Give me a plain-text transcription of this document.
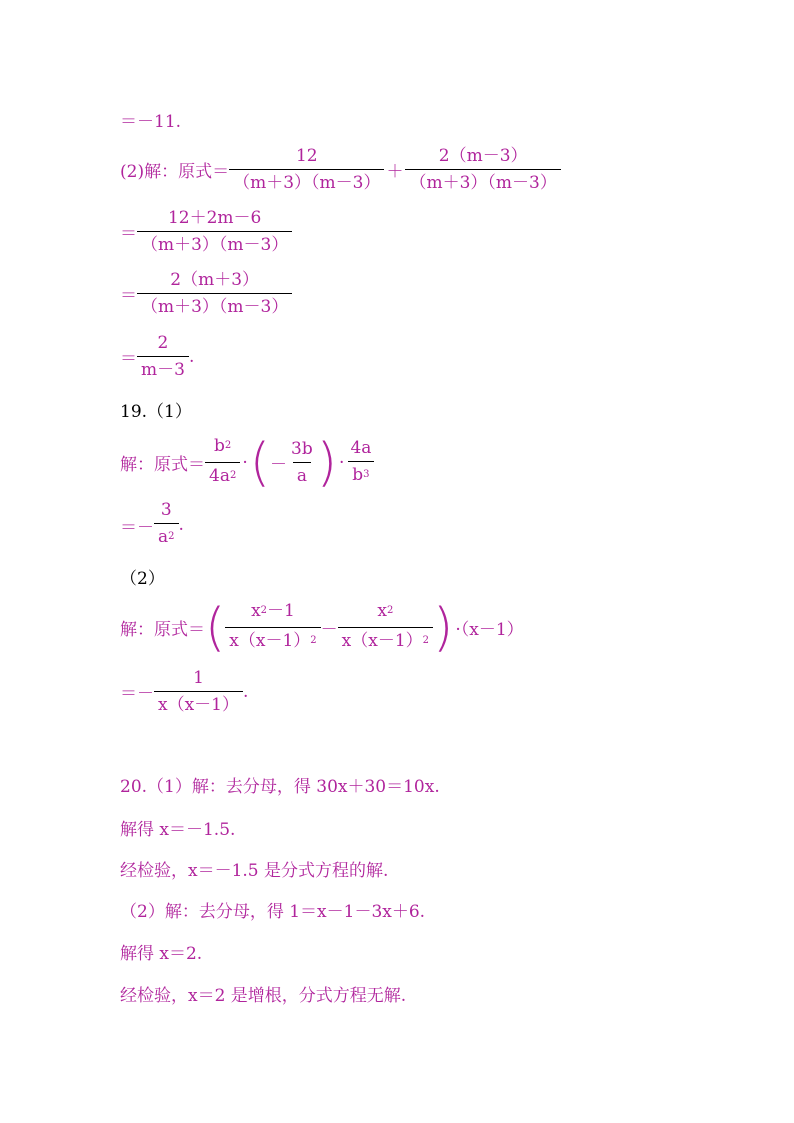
＝－11.
(2)解：原式＝ $\frac{12}{(m+3)(m-3)} + \frac{2(m-3)}{(m+3)(m-3)}$
＝ $\frac{12+2m-6}{(m+3)(m-3)}$
＝ $\frac{2(m+3)}{(m+3)(m-3)}$
＝ $\frac{2}{m-3}$ .
19.（1）
解：原式＝ $\frac{b^2}{4a^2}$ · ( － $\frac{3b}{a}$ ) · $\frac{4a}{b^3}$
＝－ $\frac{3}{a^2}$ .
（2）
解：原式＝ ( $\frac{x^2-1}{x(x-1)^2} - \frac{x^2}{x(x-1)^2}$ ) ·（x－1）
＝－ $\frac{1}{x(x-1)}$ .
20.（1）解：去分母，得 30x＋30＝10x.
解得 x＝－1.5.
经检验，x＝－1.5 是分式方程的解.
（2）解：去分母，得 1＝x－1－3x＋6.
解得 x＝2.
经检验，x＝2 是增根，分式方程无解.
